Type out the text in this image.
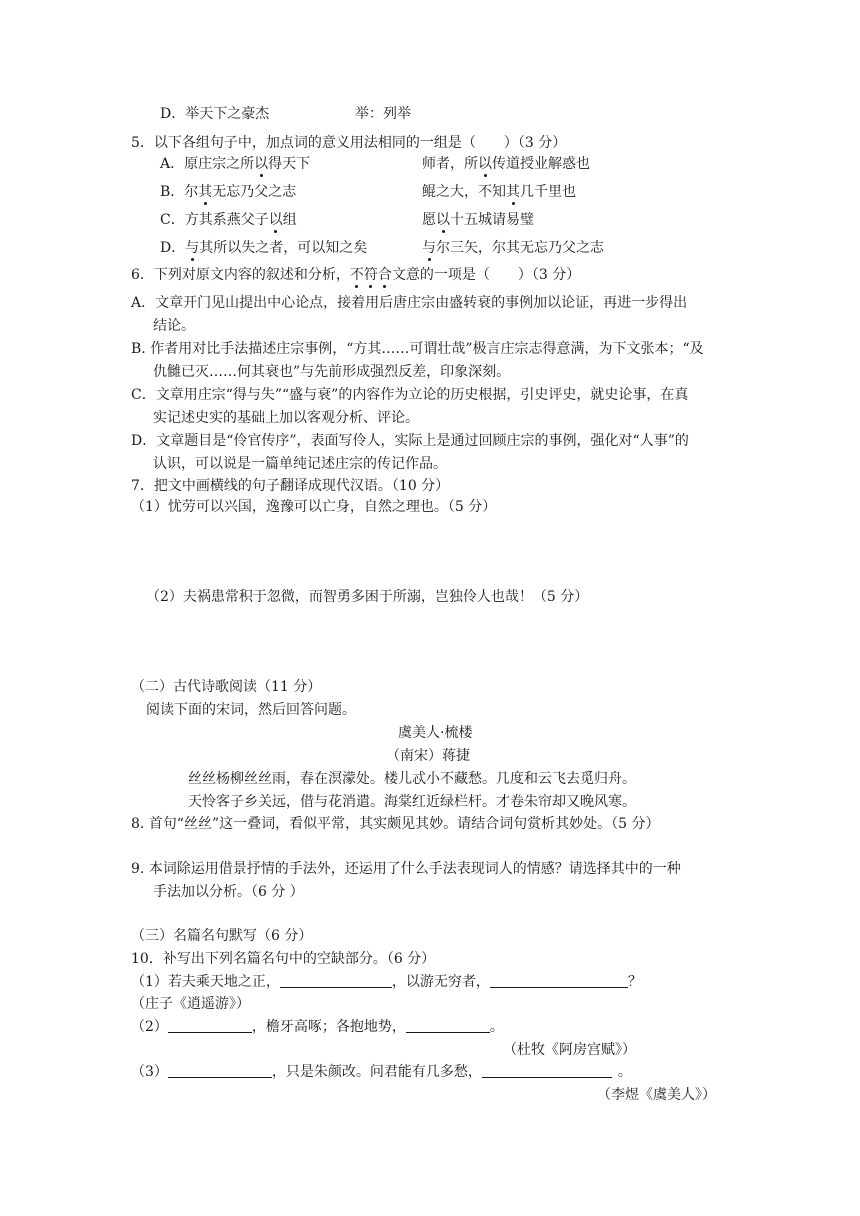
D．举天下之豪杰	举：列举
5．以下各组句子中，加点词的意义用法相同的一组是（　　）（3 分）
A．原庄宗之所以得天下	师者，所以传道授业解惑也
B．尔其无忘乃父之志	鲲之大，不知其几千里也
C．方其系燕父子以组	愿以十五城请易璧
D．与其所以失之者，可以知之矣	与尔三矢，尔其无忘乃父之志
6．下列对原文内容的叙述和分析，不符合文意的一项是（　　）（3 分）
A．文章开门见山提出中心论点，接着用后唐庄宗由盛转衰的事例加以论证，再进一步得出
结论。
B. 作者用对比手法描述庄宗事例，“方其……可谓壮哉”极言庄宗志得意满，为下文张本；“及
仇雠已灭……何其衰也”与先前形成强烈反差，印象深刻。
C．文章用庄宗“得与失”“盛与衰”的内容作为立论的历史根据，引史评史，就史论事，在真
实记述史实的基础上加以客观分析、评论。
D．文章题目是“伶官传序”，表面写伶人，实际上是通过回顾庄宗的事例，强化对“人事”的
认识，可以说是一篇单纯记述庄宗的传记作品。
7．把文中画横线的句子翻译成现代汉语。（10 分）
（1）忧劳可以兴国，逸豫可以亡身，自然之理也。（5 分）
（2）夫祸患常积于忽微，而智勇多困于所溺，岂独伶人也哉！（5 分）
（二）古代诗歌阅读（11 分）
阅读下面的宋词，然后回答问题。
虞美人·梳楼
（南宋）蒋捷
丝丝杨柳丝丝雨，春在溟濛处。楼儿忒小不藏愁。几度和云飞去觅归舟。
天怜客子乡关远，借与花消遣。海棠红近绿栏杆。才卷朱帘却又晚风寒。
8. 首句“丝丝”这一叠词，看似平常，其实颇见其妙。请结合词句赏析其妙处。（5 分）
9. 本词除运用借景抒情的手法外，还运用了什么手法表现词人的情感？请选择其中的一种
手法加以分析。（6 分 ）
（三）名篇名句默写（6 分）
10．补写出下列名篇名句中的空缺部分。（6 分）
（1）若夫乘天地之正，	，以游无穷者，	？
（庄子《逍遥游》）
（2）	，檐牙高啄；各抱地势，	。
（杜牧《阿房宫赋》）
（3）	，只是朱颜改。问君能有几多愁，	。
（李煜《虞美人》）
